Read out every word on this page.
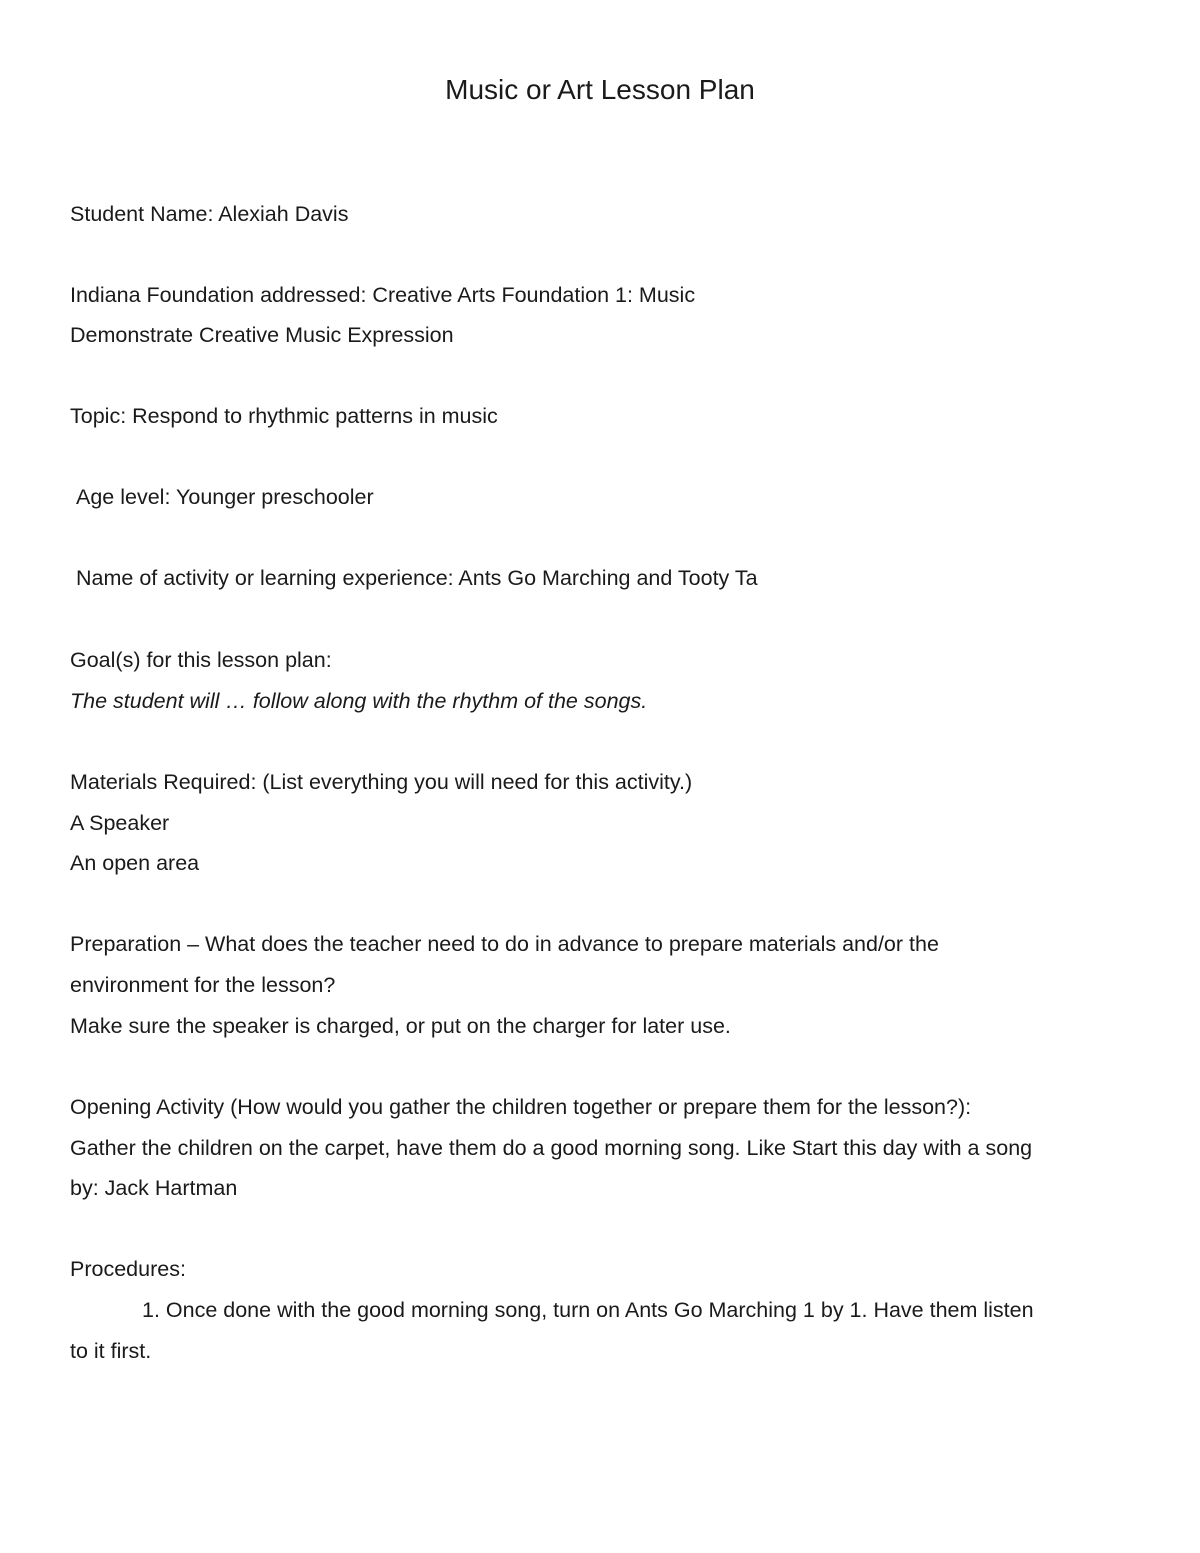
Music or Art Lesson Plan

Student Name: Alexiah Davis

Indiana Foundation addressed: Creative Arts Foundation 1: Music

Demonstrate Creative Music Expression

Topic: Respond to rhythmic patterns in music

Age level: Younger preschooler

Name of activity or learning experience: Ants Go Marching and Tooty Ta

Goal(s) for this lesson plan:

The student will … follow along with the rhythm of the songs.

Materials Required: (List everything you will need for this activity.)

A Speaker

An open area

Preparation – What does the teacher need to do in advance to prepare materials and/or the

environment for the lesson?

Make sure the speaker is charged, or put on the charger for later use.

Opening Activity (How would you gather the children together or prepare them for the lesson?):

Gather the children on the carpet, have them do a good morning song. Like Start this day with a song

by: Jack Hartman

Procedures:

1. Once done with the good morning song, turn on Ants Go Marching 1 by 1. Have them listen

to it first.
